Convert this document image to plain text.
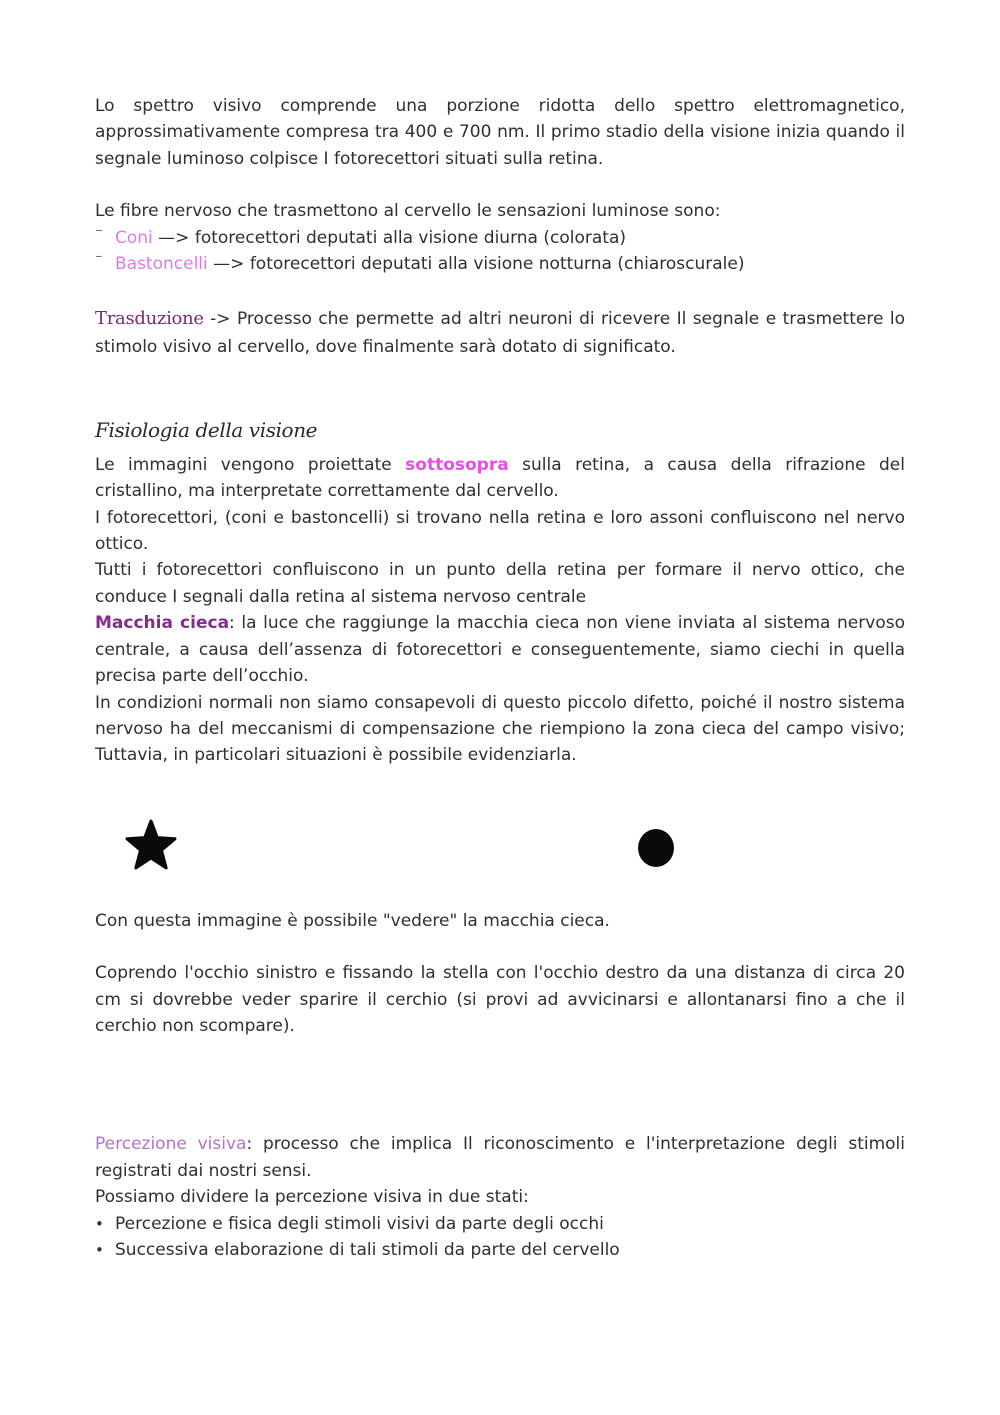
Lo spettro visivo comprende una porzione ridotta dello spettro elettromagnetico, approssimativamente compresa tra 400 e 700 nm. Il primo stadio della visione inizia quando il segnale luminoso colpisce I fotorecettori situati sulla retina.

Le fibre nervoso che trasmettono al cervello le sensazioni luminose sono:

⁻ Coni —> fotorecettori deputati alla visione diurna (colorata)
⁻ Bastoncelli —> fotorecettori deputati alla visione notturna (chiaroscurale)

Trasduzione -> Processo che permette ad altri neuroni di ricevere Il segnale e trasmettere lo stimolo visivo al cervello, dove finalmente sarà dotato di significato.

Fisiologia della visione

Le immagini vengono proiettate sottosopra sulla retina, a causa della rifrazione del cristallino, ma interpretate correttamente dal cervello.

I fotorecettori, (coni e bastoncelli) si trovano nella retina e loro assoni confluiscono nel nervo ottico.

Tutti i fotorecettori confluiscono in un punto della retina per formare il nervo ottico, che conduce I segnali dalla retina al sistema nervoso centrale

Macchia cieca: la luce che raggiunge la macchia cieca non viene inviata al sistema nervoso centrale, a causa dell’assenza di fotorecettori e conseguentemente, siamo ciechi in quella precisa parte dell’occhio.

In condizioni normali non siamo consapevoli di questo piccolo difetto, poiché il nostro sistema nervoso ha del meccanismi di compensazione che riempiono la zona cieca del campo visivo; Tuttavia, in particolari situazioni è possibile evidenziarla.

Con questa immagine è possibile "vedere" la macchia cieca.

Coprendo l'occhio sinistro e fissando la stella con l'occhio destro da una distanza di circa 20 cm si dovrebbe veder sparire il cerchio (si provi ad avvicinarsi e allontanarsi fino a che il cerchio non scompare).

Percezione visiva: processo che implica Il riconoscimento e l'interpretazione degli stimoli registrati dai nostri sensi.

Possiamo dividere la percezione visiva in due stati:

• Percezione e fisica degli stimoli visivi da parte degli occhi
• Successiva elaborazione di tali stimoli da parte del cervello
